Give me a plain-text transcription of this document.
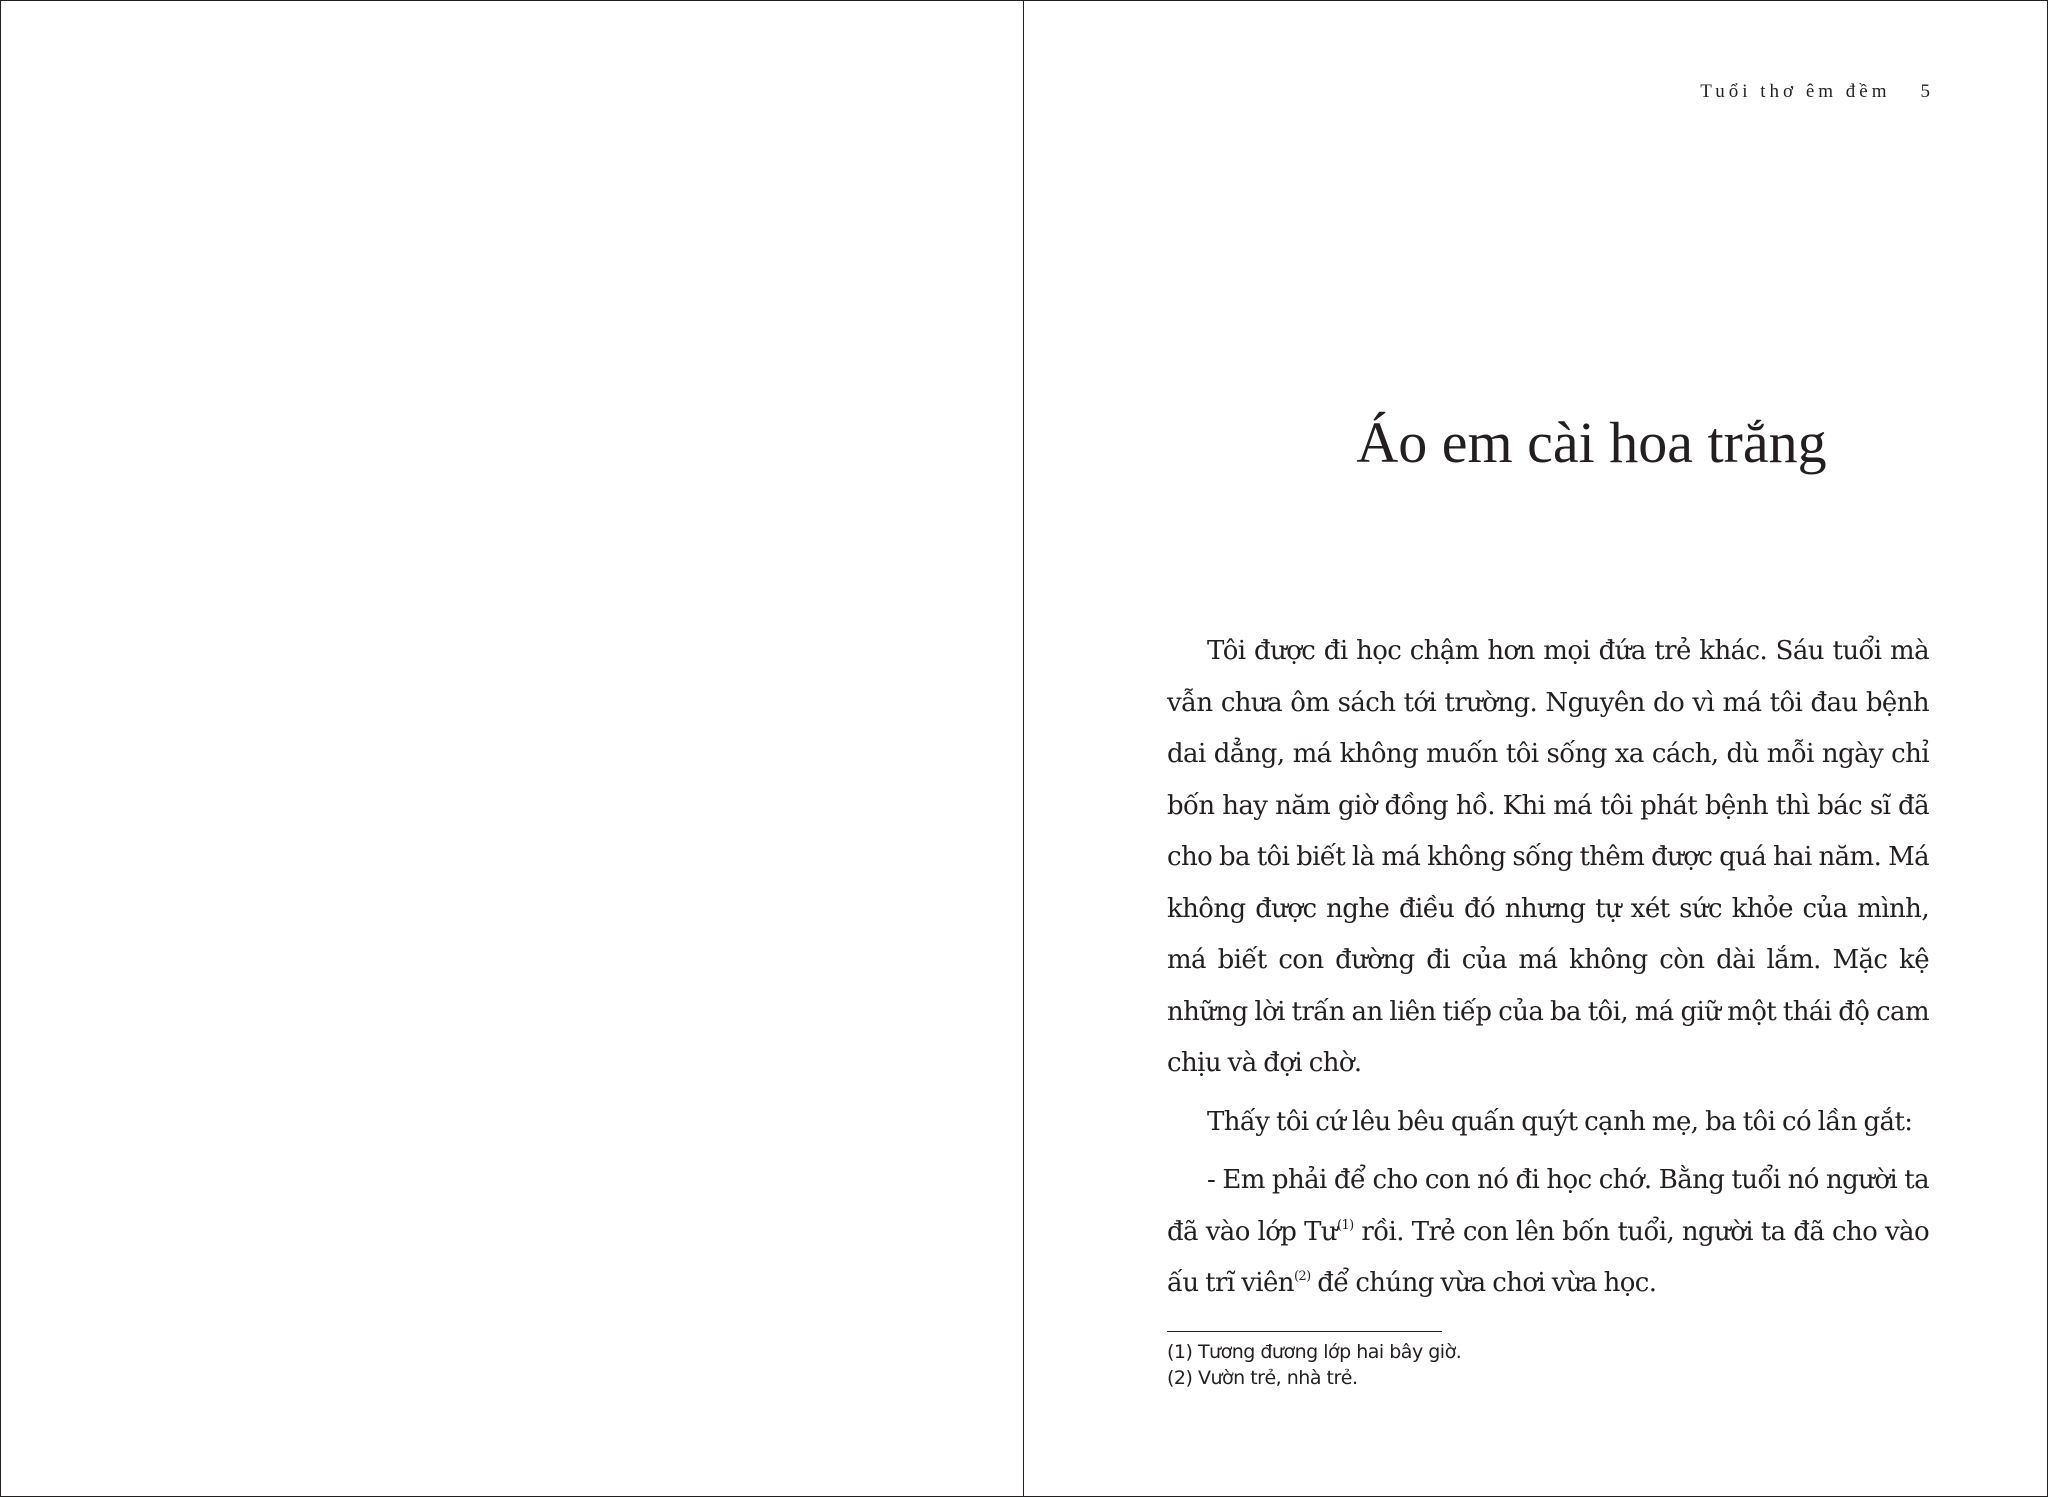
Tuổi thơ êm đềm 5
Áo em cài hoa trắng

Tôi được đi học chậm hơn mọi đứa trẻ khác. Sáu tuổi mà vẫn chưa ôm sách tới trường. Nguyên do vì má tôi đau bệnh dai dẳng, má không muốn tôi sống xa cách, dù mỗi ngày chỉ bốn hay năm giờ đồng hồ. Khi má tôi phát bệnh thì bác sĩ đã cho ba tôi biết là má không sống thêm được quá hai năm. Má không được nghe điều đó nhưng tự xét sức khỏe của mình, má biết con đường đi của má không còn dài lắm. Mặc kệ những lời trấn an liên tiếp của ba tôi, má giữ một thái độ cam chịu và đợi chờ.

Thấy tôi cứ lêu bêu quấn quýt cạnh mẹ, ba tôi có lần gắt:

- Em phải để cho con nó đi học chớ. Bằng tuổi nó người ta đã vào lớp $Tư^{(1)}$ rồi. Trẻ con lên bốn tuổi, người ta đã cho vào ấu trĩ viên$^{(2)}$ để chúng vừa chơi vừa học.

(1) Tương đương lớp hai bây giờ.
(2) Vườn trẻ, nhà trẻ.
